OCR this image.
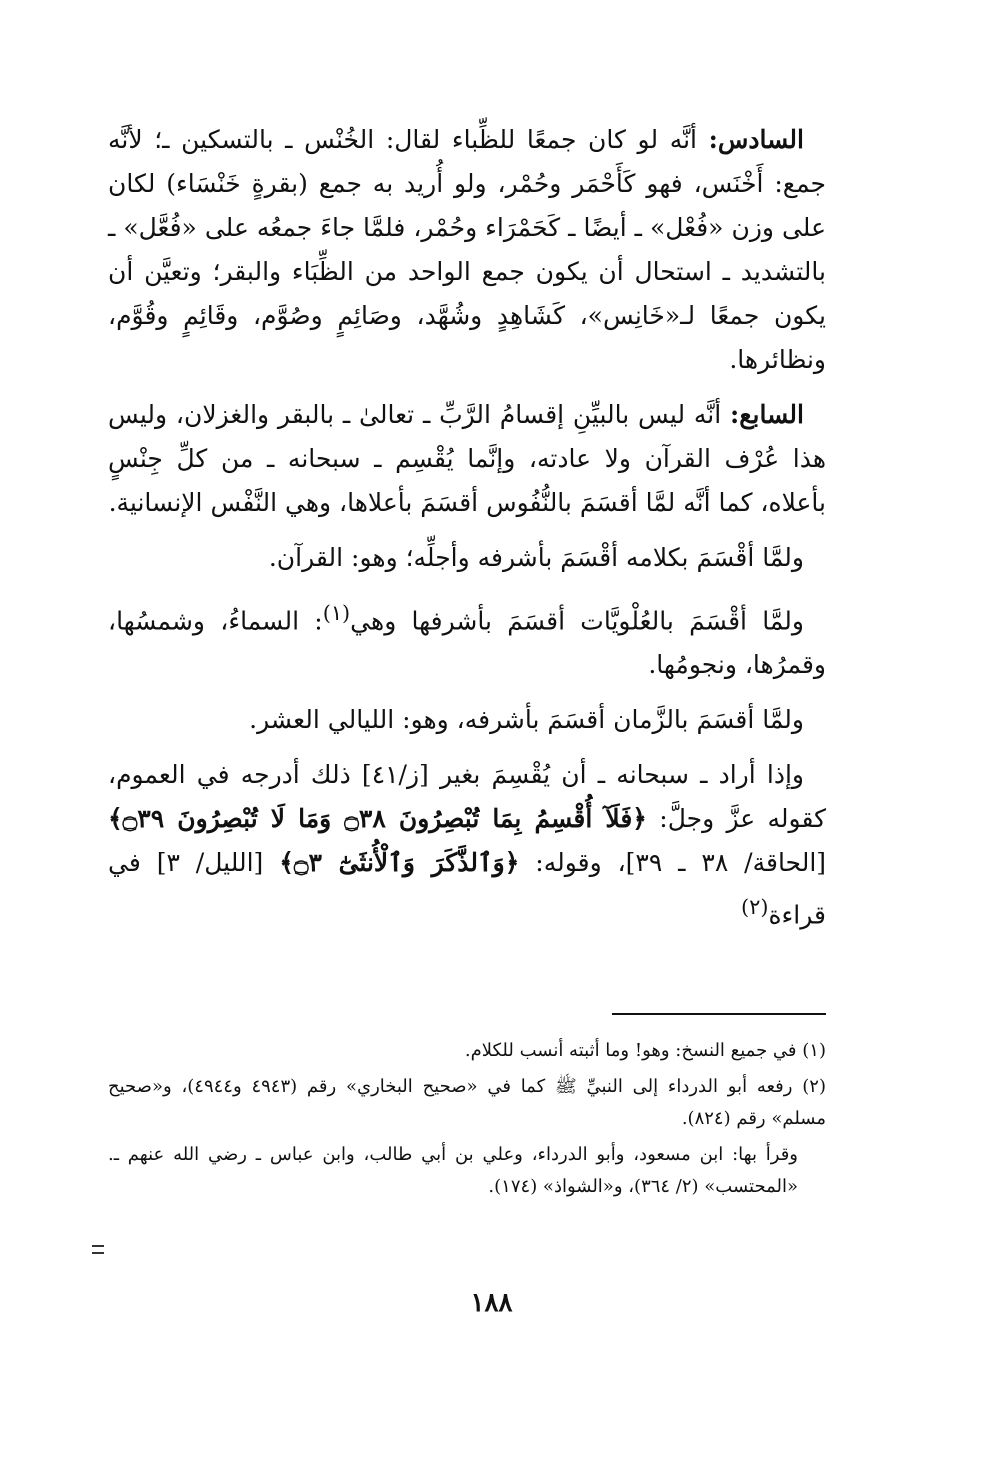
السادس: أنَّه لو كان جمعًا للظِّباء لقال: الخُنْس ـ بالتسكين ـ؛ لأنَّه جمع: أَخْنَس، فهو كَأَحْمَر وحُمْر، ولو أُريد به جمع (بقرةٍ خَنْسَاء) لكان على وزن «فُعْل» ـ أيضًا ـ كَحَمْرَاء وحُمْر، فلمَّا جاءَ جمعُه على «فُعَّل» ـ بالتشديد ـ استحال أن يكون جمع الواحد من الظِّبَاء والبقر؛ وتعيَّن أن يكون جمعًا لـ«خَانِس»، كَشَاهِدٍ وشُهَّد، وصَائِمٍ وصُوَّم، وقَائِمٍ وقُوَّم، ونظائرها.

السابع: أنَّه ليس بالبيِّنِ إقسامُ الرَّبِّ ـ تعالىٰ ـ بالبقر والغزلان، وليس هذا عُرْف القرآن ولا عادته، وإنَّما يُقْسِم ـ سبحانه ـ من كلِّ جِنْسٍ بأعلاه، كما أنَّه لمَّا أقسَمَ بالنُّفُوس أقسَمَ بأعلاها، وهي النَّفْس الإنسانية.

ولمَّا أقْسَمَ بكلامه أقْسَمَ بأشرفه وأجلِّه؛ وهو: القرآن.

ولمَّا أقْسَمَ بالعُلْويَّات أقسَمَ بأشرفها وهي$^{(١)}$: السماءُ، وشمسُها، وقمرُها، ونجومُها.

ولمَّا أقسَمَ بالزَّمان أقسَمَ بأشرفه، وهو: الليالي العشر.

وإذا أراد ـ سبحانه ـ أن يُقْسِمَ بغير [ز/٤١] ذلك أدرجه في العموم، كقوله عزَّ وجلَّ: ﴿فَلَآ أُقْسِمُ بِمَا تُبْصِرُونَ ۝٣٨ وَمَا لَا تُبْصِرُونَ ۝٣٩﴾ [الحاقة/ ٣٨ ـ ٣٩]، وقوله: ﴿وَٱلذَّكَرَ وَٱلْأُنثَىٰٓ ۝٣﴾ [الليل/ ٣] في قراءة$^{(٢)}$

(١) في جميع النسخ: وهو! وما أثبته أنسب للكلام.

(٢) رفعه أبو الدرداء إلى النبيِّ ﷺ كما في «صحيح البخاري» رقم (٤٩٤٣ و٤٩٤٤)، و«صحيح مسلم» رقم (٨٢٤).

وقرأ بها: ابن مسعود، وأبو الدرداء، وعلي بن أبي طالب، وابن عباس ـ رضي الله عنهم ـ. «المحتسب» (٢/ ٣٦٤)، و«الشواذ» (١٧٤).

١٨٨
